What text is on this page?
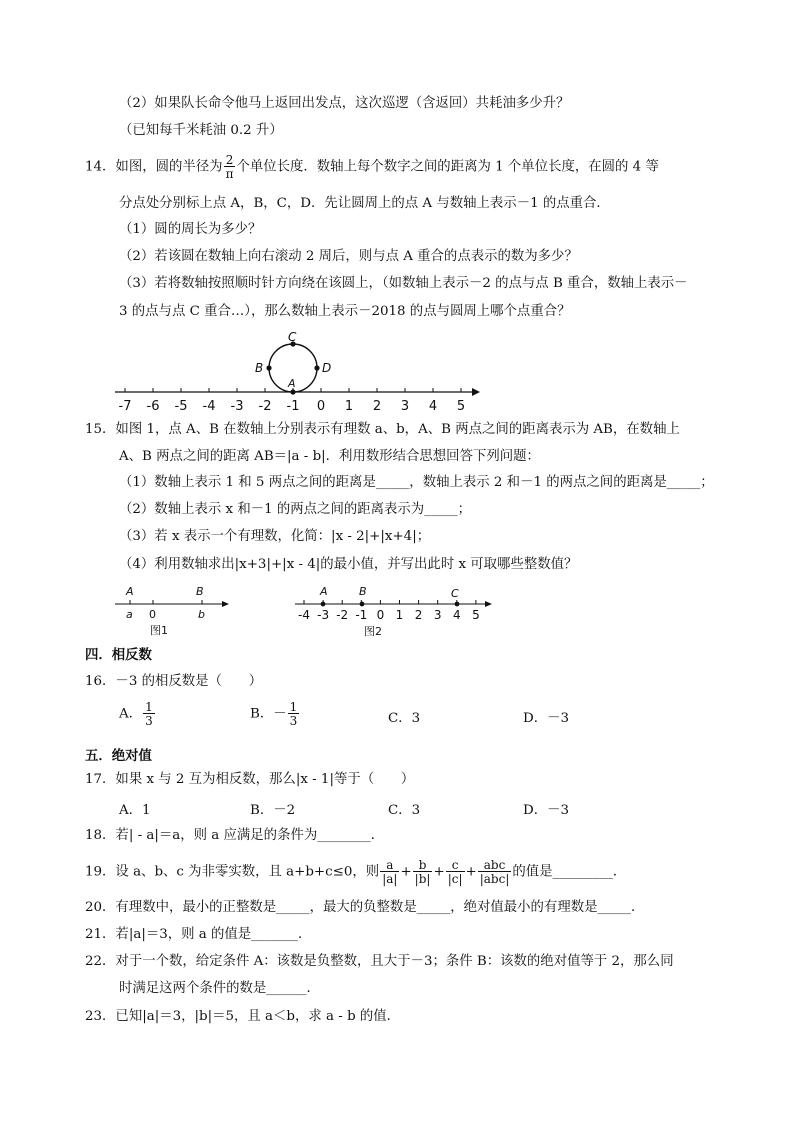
（2）如果队长命令他马上返回出发点，这次巡逻（含返回）共耗油多少升？
（已知每千米耗油 0.2 升）
14．如图，圆的半径为 $\frac{2}{\pi}$ 个单位长度．数轴上每个数字之间的距离为 1 个单位长度，在圆的 4 等
分点处分别标上点 A，B，C，D．先让圆周上的点 A 与数轴上表示－1 的点重合．
（1）圆的周长为多少？
（2）若该圆在数轴上向右滚动 2 周后，则与点 A 重合的点表示的数为多少？
（3）若将数轴按照顺时针方向绕在该圆上，（如数轴上表示－2 的点与点 B 重合，数轴上表示－
3 的点与点 C 重合…），那么数轴上表示－2018 的点与圆周上哪个点重合？
-7 -6 -5 -4 -3 -2 -1 0 1 2 3 4 5
C
B	D
A
15．如图 1，点 A、B 在数轴上分别表示有理数 a、b，A、B 两点之间的距离表示为 AB，在数轴上
A、B 两点之间的距离 AB＝|a - b|．利用数形结合思想回答下列问题：
（1）数轴上表示 1 和 5 两点之间的距离是_____，数轴上表示 2 和－1 的两点之间的距离是_____；
（2）数轴上表示 x 和－1 的两点之间的距离表示为_____；
（3）若 x 表示一个有理数，化简：|x - 2|+|x+4|；
（4）利用数轴求出|x+3|+|x - 4|的最小值，并写出此时 x 可取哪些整数值？
A	B
a 0	b
图1
-4 -3 -2 -1 0 1 2 3 4 5
A	B	C
图2
四．相反数
16．－3 的相反数是（　　）
A． $\frac{1}{3}$	B．－ $\frac{1}{3}$	C．3	D．－3
五．绝对值
17．如果 x 与 2 互为相反数，那么|x - 1|等于（　　）
A．1	B．－2	C．3	D．－3
18．若| - a|＝a，则 a 应满足的条件为________．
19．设 a、b、c 为非零实数，且 a+b+c≤0，则 $\frac{a}{|a|} + \frac{b}{|b|} + \frac{c}{|c|} + \frac{\text{abc}}{\text{|abc|}}$ 的值是_________．
20．有理数中，最小的正整数是_____，最大的负整数是_____，绝对值最小的有理数是_____．
21．若|a|＝3，则 a 的值是_______．
22．对于一个数，给定条件 A：该数是负整数，且大于－3；条件 B：该数的绝对值等于 2，那么同
时满足这两个条件的数是______．
23．已知|a|＝3，|b|＝5，且 a＜b，求 a - b 的值．
